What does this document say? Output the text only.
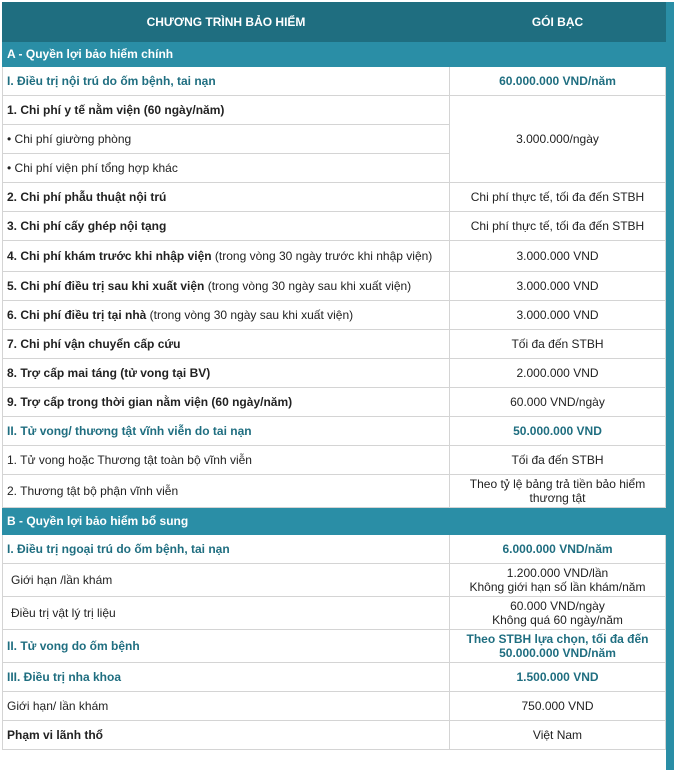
CHƯƠNG TRÌNH BẢO HIỂM	GÓI BẠC
A - Quyền lợi bảo hiểm chính	
I. Điều trị nội trú do ốm bệnh, tai nạn	60.000.000 VND/năm
1. Chi phí y tế nằm viện (60 ngày/năm)	3.000.000/ngày
• Chi phí giường phòng	
• Chi phí viện phí tổng hợp khác	
2. Chi phí phẫu thuật nội trú	Chi phí thực tế, tối đa đến STBH
3. Chi phí cấy ghép nội tạng	Chi phí thực tế, tối đa đến STBH
4. Chi phí khám trước khi nhập viện (trong vòng 30 ngày trước khi nhập viện)	3.000.000 VND
5. Chi phí điều trị sau khi xuất viện (trong vòng 30 ngày sau khi xuất viện)	3.000.000 VND
6. Chi phí điều trị tại nhà (trong vòng 30 ngày sau khi xuất viện)	3.000.000 VND
7. Chi phí vận chuyển cấp cứu	Tối đa đến STBH
8. Trợ cấp mai táng (tử vong tại BV)	2.000.000 VND
9. Trợ cấp trong thời gian nằm viện (60 ngày/năm)	60.000 VND/ngày
II. Tử vong/ thương tật vĩnh viễn do tai nạn	50.000.000 VND
1. Tử vong hoặc Thương tật toàn bộ vĩnh viễn	Tối đa đến STBH
2. Thương tật bộ phận vĩnh viễn	Theo tỷ lệ bảng trả tiền bảo hiểm thương tật
B - Quyền lợi bảo hiểm bổ sung	
I. Điều trị ngoại trú do ốm bệnh, tai nạn	6.000.000 VND/năm
Giới hạn /lần khám	1.200.000 VND/lần
Không giới hạn số lần khám/năm
Điều trị vật lý trị liệu	60.000 VND/ngày
Không quá 60 ngày/năm
II. Tử vong do ốm bệnh	Theo STBH lựa chọn, tối đa đến 50.000.000 VND/năm
III. Điều trị nha khoa	1.500.000 VND
Giới hạn/ lần khám	750.000 VND
Phạm vi lãnh thổ	Việt Nam
